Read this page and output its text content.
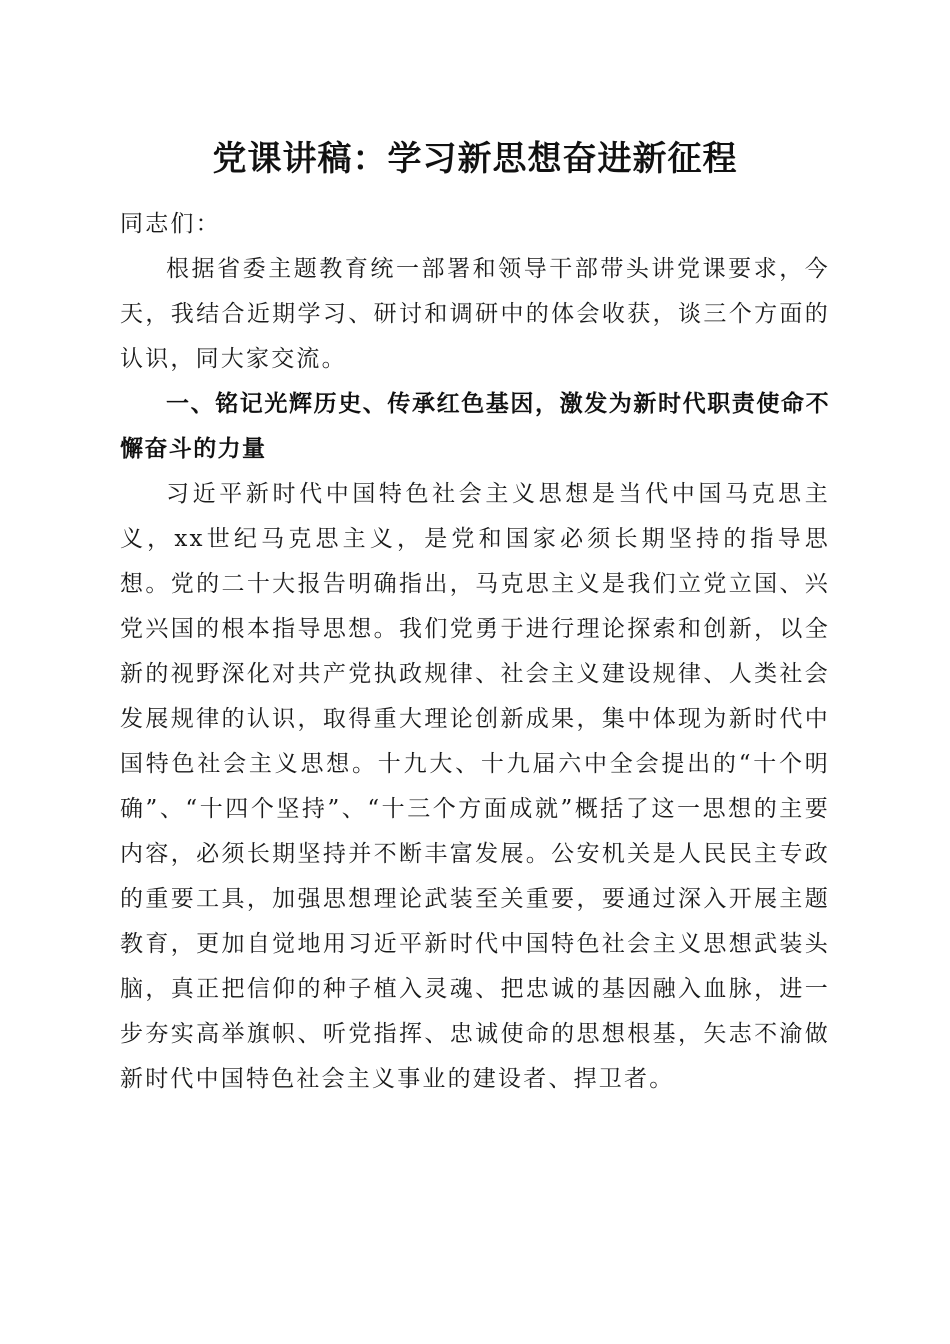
党课讲稿：学习新思想奋进新征程

同志们：

根据省委主题教育统一部署和领导干部带头讲党课要求，今天，我结合近期学习、研讨和调研中的体会收获，谈三个方面的认识，同大家交流。

一、铭记光辉历史、传承红色基因，激发为新时代职责使命不懈奋斗的力量

习近平新时代中国特色社会主义思想是当代中国马克思主义，xx世纪马克思主义，是党和国家必须长期坚持的指导思想。党的二十大报告明确指出，马克思主义是我们立党立国、兴党兴国的根本指导思想。我们党勇于进行理论探索和创新，以全新的视野深化对共产党执政规律、社会主义建设规律、人类社会发展规律的认识，取得重大理论创新成果，集中体现为新时代中国特色社会主义思想。十九大、十九届六中全会提出的“十个明确”、“十四个坚持”、“十三个方面成就”概括了这一思想的主要内容，必须长期坚持并不断丰富发展。公安机关是人民民主专政的重要工具，加强思想理论武装至关重要，要通过深入开展主题教育，更加自觉地用习近平新时代中国特色社会主义思想武装头脑，真正把信仰的种子植入灵魂、把忠诚的基因融入血脉，进一步夯实高举旗帜、听党指挥、忠诚使命的思想根基，矢志不渝做新时代中国特色社会主义事业的建设者、捍卫者。
